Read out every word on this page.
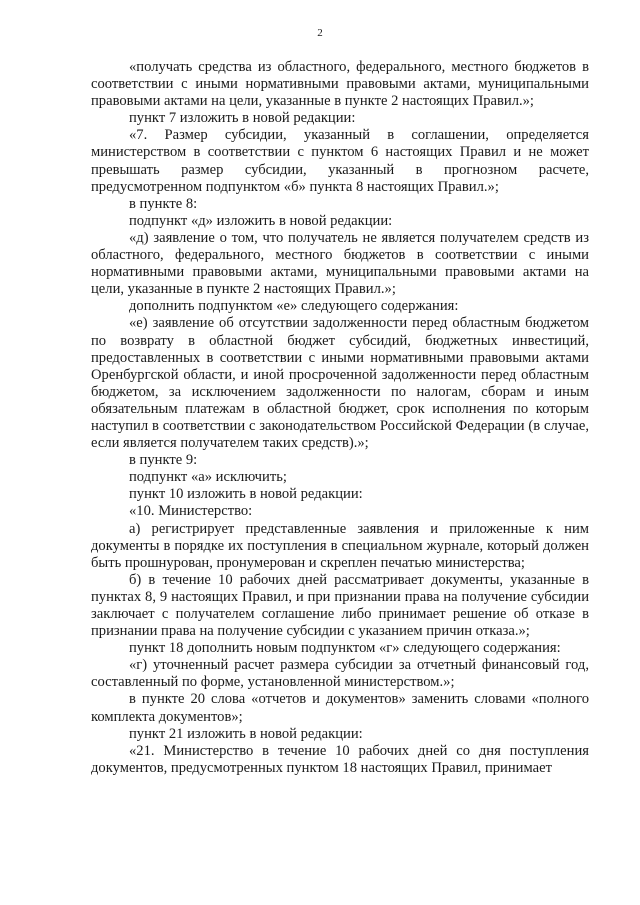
2

«получать средства из областного, федерального, местного бюджетов в соответствии с иными нормативными правовыми актами, муниципальными правовыми актами на цели, указанные в пункте 2 настоящих Правил.»;

пункт 7 изложить в новой редакции:

«7. Размер субсидии, указанный в соглашении, определяется министерством в соответствии с пунктом 6 настоящих Правил и не может превышать размер субсидии, указанный в прогнозном расчете, предусмотренном подпунктом «б» пункта 8 настоящих Правил.»;

в пункте 8:

подпункт «д» изложить в новой редакции:

«д) заявление о том, что получатель не является получателем средств из областного, федерального, местного бюджетов в соответствии с иными нормативными правовыми актами, муниципальными правовыми актами на цели, указанные в пункте 2 настоящих Правил.»;

дополнить подпунктом «е» следующего содержания:

«е) заявление об отсутствии задолженности перед областным бюджетом по возврату в областной бюджет субсидий, бюджетных инвестиций, предоставленных в соответствии с иными нормативными правовыми актами Оренбургской области, и иной просроченной задолженности перед областным бюджетом, за исключением задолженности по налогам, сборам и иным обязательным платежам в областной бюджет, срок исполнения по которым наступил в соответствии с законодательством Российской Федерации (в случае, если является получателем таких средств).»;

в пункте 9:

подпункт «а» исключить;

пункт 10 изложить в новой редакции:

«10. Министерство:

а) регистрирует представленные заявления и приложенные к ним документы в порядке их поступления в специальном журнале, который должен быть прошнурован, пронумерован и скреплен печатью министерства;

б) в течение 10 рабочих дней рассматривает документы, указанные в пунктах 8, 9 настоящих Правил, и при признании права на получение субсидии заключает с получателем соглашение либо принимает решение об отказе в признании права на получение субсидии с указанием причин отказа.»;

пункт 18 дополнить новым подпунктом «г» следующего содержания:

«г) уточненный расчет размера субсидии за отчетный финансовый год, составленный по форме, установленной министерством.»;

в пункте 20 слова «отчетов и документов» заменить словами «полного комплекта документов»;

пункт 21 изложить в новой редакции:

«21. Министерство в течение 10 рабочих дней со дня поступления документов, предусмотренных пунктом 18 настоящих Правил, принимает
